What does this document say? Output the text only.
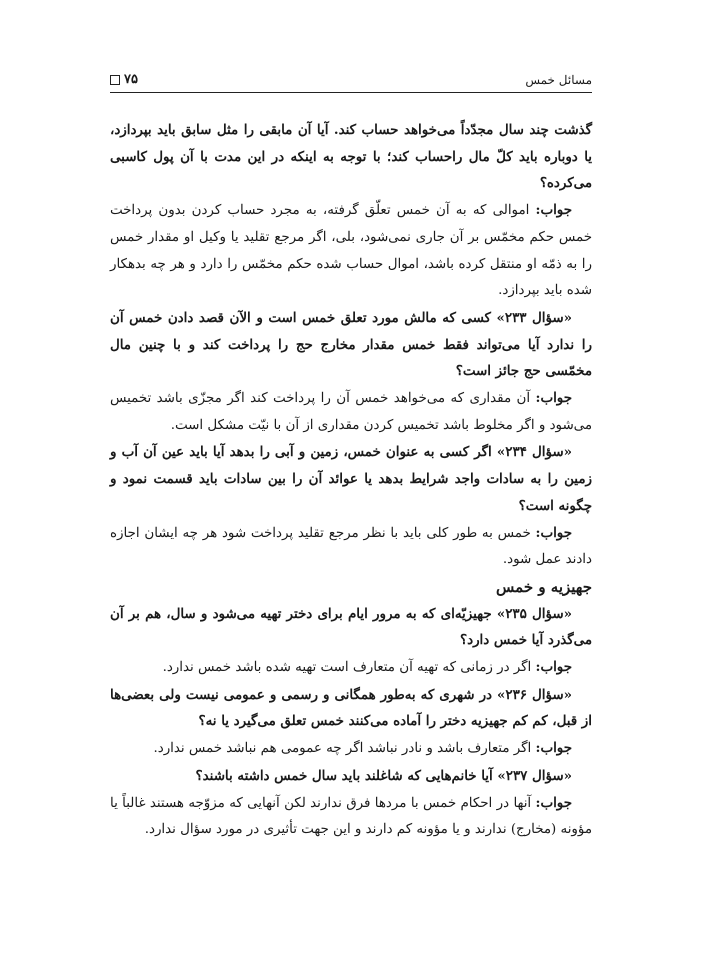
مسائل خمس
۷۵

گذشت چند سال مجدّداً می‌خواهد حساب کند. آیا آن مابقی را مثل سابق باید بپردازد، یا دوباره باید کلّ مال راحساب کند؛ با توجه به اینکه در این مدت با آن پول کاسبی می‌کرده؟

جواب: اموالی که به آن خمس تعلّق گرفته، به مجرد حساب کردن بدون پرداخت خمس حکم مخمّس بر آن جاری نمی‌شود، بلی، اگر مرجع تقلید یا وکیل او مقدار خمس را به ذمّه او منتقل کرده باشد، اموال حساب شده حکم مخمّس را دارد و هر چه بدهکار شده باید بپردازد.

«سؤال ۲۳۳» کسی که مالش مورد تعلق خمس است و الآن قصد دادن خمس آن را ندارد آیا می‌تواند فقط خمس مقدار مخارج حج را پرداخت کند و با چنین مال مخمّسی حج جائز است؟

جواب: آن مقداری که می‌خواهد خمس آن را پرداخت کند اگر مجزّی باشد تخمیس می‌شود و اگر مخلوط باشد تخمیس کردن مقداری از آن با نیّت مشکل است.

«سؤال ۲۳۴» اگر کسی به عنوان خمس، زمین و آبی را بدهد آیا باید عین آن آب و زمین را به سادات واجد شرایط بدهد یا عوائد آن را بین سادات باید قسمت نمود و چگونه است؟

جواب: خمس به طور کلی باید با نظر مرجع تقلید پرداخت شود هر چه ایشان اجازه دادند عمل شود.

جهیزیه و خمس

«سؤال ۲۳۵» جهیزیّه‌ای که به مرور ایام برای دختر تهیه می‌شود و سال، هم بر آن می‌گذرد آیا خمس دارد؟

جواب: اگر در زمانی که تهیه آن متعارف است تهیه شده باشد خمس ندارد.

«سؤال ۲۳۶» در شهری که به‌طور همگانی و رسمی و عمومی نیست ولی بعضی‌ها از قبل، کم کم جهیزیه دختر را آماده می‌کنند خمس تعلق می‌گیرد یا نه؟

جواب: اگر متعارف باشد و نادر نباشد اگر چه عمومی هم نباشد خمس ندارد.

«سؤال ۲۳۷» آیا خانم‌هایی که شاغلند باید سال خمس داشته باشند؟

جواب: آنها در احکام خمس با مردها فرق ندارند لکن آنهایی که مزوّجه هستند غالباً یا مؤونه (مخارج) ندارند و یا مؤونه کم دارند و این جهت تأثیری در مورد سؤال ندارد.
